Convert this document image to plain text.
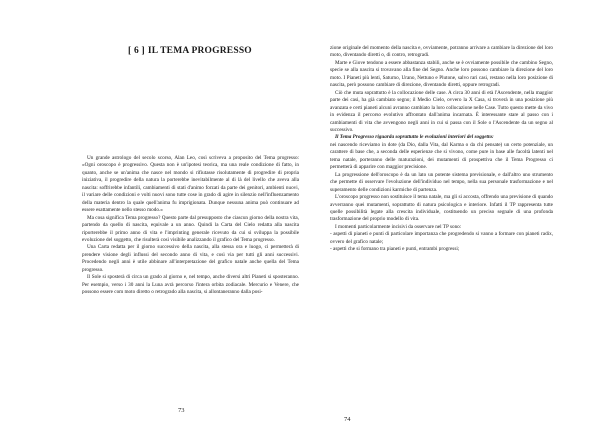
[ 6 ] IL TEMA PROGRESSO

Un grande astrologo del secolo scorso, Alan Leo, così scriveva a proposito del Tema progresso: «Ogni oroscopo è progressivo. Questa non è un'ipotesi teorica, ma una reale condizione di fatto, in quanto, anche se un'anima che nasce nel mondo si rifiutasse risolutamente di progredire di propria iniziativa, il progredire della natura la porterebbe inevitabilmente al di là del livello che aveva alla nascita: soffrirebbe infantili, cambiamenti di stati d'animo forzati da parte dei genitori, ambienti nuovi, il variare delle condizioni e volti nuovi sono tutte cose in grado di agire in silenzio nell'influenzamento della materia dentro la quale quell'anima fu imprigionata. Dunque nessuna anima può continuare ad essere esattamente nello stesso modo.»

Ma cosa significa Tema progresso? Questo parte dal presupposto che ciascun giorno della nostra vita, partendo da quello di nascita, equivale a un anno. Quindi la Carta del Cielo redatta alla nascita riporterebbe il primo anno di vita e l'imprinting generale ricevuto da cui si sviluppa la possibile evoluzione del soggetto, che risulterà così visibile analizzando il grafico del Tema progresso.

Una Carta redatta per il giorno successivo della nascita, alla stessa ora e luogo, ci permetterà di prendere visione degli influssi del secondo anno di vita, e così via per tutti gli anni successivi. Procedendo negli anni è utile abbinare all'interpretazione del grafico natale anche quella del Tema progresso.

Il Sole si sposterà di circa un grado al giorno e, nel tempo, anche diversi altri Pianeti si sposteranno. Per esempio, verso i 30 anni la Luna avrà percorso l'intera orbita zodiacale. Mercurio e Venere, che possono essere com moto diretto o retrogrado alla nascita, si allontaneranno dalla posi-

73

zione originale del momento della nascita e, ovviamente, potranno arrivare a cambiare la direzione del loro moto, diventando diretti o, di contro, retrogradi.

Marte e Giove tendono a essere abbastanza stabili, anche se è ovviamente possibile che cambino Segno, specie se alla nascita si trovavano alla fine del Segno. Anche loro possono cambiare la direzione del loro moto. I Pianeti più lenti, Saturno, Urano, Nettuno e Plutone, salvo rari casi, restano nella loro posizione di nascita, però possono cambiare di direzione, diventando diretti, oppure retrogradi.

Ciò che muta soprattutto è la collocazione delle case. A circa 30 anni di età l'Ascendente, nella maggior parte dei casi, ha già cambiato segno; il Medio Cielo, ovvero la X Casa, si troverà in una posizione più avanzata e certi pianeti alcuni avranno cambiato la loro collocazione nelle Case. Tutto questo mette da vivo in evidenza il percorso evolutivo affrontato dall'anima incarnata. È interessante stare al passo con i cambiamenti di vita che avvengono negli anni in cui si passa con il Sole o l'Ascendente da un segno al successivo.

Il Tema Progresso riguarda soprattutto le evoluzioni interiori del soggetto:

nei nascendo riceviamo in dote (da Dio, dalla Vita, dal Karma o da chi pensate) un certo potenziale, un carattere di base che, a seconda delle esperienze che si vivono, come pure in base alle facoltà latenti nel tema natale, porteranno delle maturazioni, dei mutamenti di prospettiva che il Tema Progresso ci permetterà di apparire con maggior precisione.

La progressione dell'oroscopo è da un lato un potente sistema previsionale, e dall'altro uno strumento che permette di osservare l'evoluzione dell'individuo nel tempo, nella sua personale trasformazione e nel superamento delle condizioni karmiche di partenza.

L'oroscopo progresso non sostituisce il tema natale, ma gli si accosta, offrendo una previsione di quando avverranno quei mutamenti, soprattutto di natura psicologica e interiore. Infatti il TP rappresenta tutte quelle possibilità legate alla crescita individuale, costituendo un preciso segnale di una profonda trasformazione del proprio modello di vita.

I momenti particolarmente incisivi da osservare nel TP sono:

- aspetti di pianeti e punti di particolare importanza che progredendo si vanno a formare con pianeti radix, ovvero del grafico natale;

- aspetti che si formano tra pianeti e punti, entrambi progressi;

74
